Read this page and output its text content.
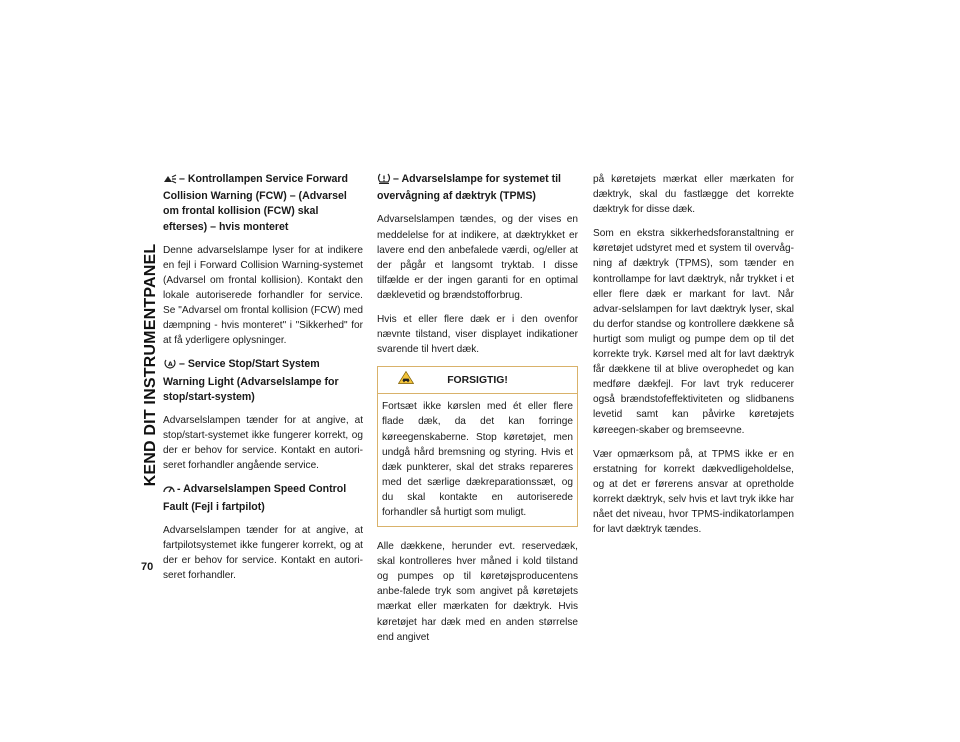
KEND DIT INSTRUMENTPANEL
70
– Kontrollampen Service Forward Collision Warning (FCW) – (Advarsel om frontal kollision (FCW) skal efterses) – hvis monteret

Denne advarselslampe lyser for at indikere en fejl i Forward Collision Warning-systemet (Advarsel om frontal kollision). Kontakt den lokale autoriserede forhandler for service. Se "Advarsel om frontal kollision (FCW) med dæmpning - hvis monteret" i "Sikkerhed" for at få yderligere oplysninger.

A – Service Stop/Start System Warning Light (Advarselslampe for stop/start-system)

Advarselslampen tænder for at angive, at stop/start-systemet ikke fungerer korrekt, og der er behov for service. Kontakt en autori-seret forhandler angående service.

- Advarselslampen Speed Control Fault (Fejl i fartpilot)

Advarselslampen tænder for at angive, at fartpilotsystemet ikke fungerer korrekt, og at der er behov for service. Kontakt en autori-seret forhandler.

– Advarselslampe for systemet til overvågning af dæktryk (TPMS)

Advarselslampen tændes, og der vises en meddelelse for at indikere, at dæktrykket er lavere end den anbefalede værdi, og/eller at der pågår et langsomt tryktab. I disse tilfælde er der ingen garanti for en optimal dæklevetid og brændstofforbrug.

Hvis et eller flere dæk er i den ovenfor nævnte tilstand, viser displayet indikationer svarende til hvert dæk.

FORSIGTIG!
Fortsæt ikke kørslen med ét eller flere flade dæk, da det kan forringe køreegenskaberne. Stop køretøjet, men undgå hård bremsning og styring. Hvis et dæk punkterer, skal det straks repareres med det særlige dækreparationssæt, og du skal kontakte en autoriserede forhandler så hurtigt som muligt.

Alle dækkene, herunder evt. reservedæk, skal kontrolleres hver måned i kold tilstand og pumpes op til køretøjsproducentens anbe-falede tryk som angivet på køretøjets mærkat eller mærkaten for dæktryk. Hvis køretøjet har dæk med en anden størrelse end angivet

på køretøjets mærkat eller mærkaten for dæktryk, skal du fastlægge det korrekte dæktryk for disse dæk.

Som en ekstra sikkerhedsforanstaltning er køretøjet udstyret med et system til overvåg-ning af dæktryk (TPMS), som tænder en kontrollampe for lavt dæktryk, når trykket i et eller flere dæk er markant for lavt. Når advar-selslampen for lavt dæktryk lyser, skal du derfor standse og kontrollere dækkene så hurtigt som muligt og pumpe dem op til det korrekte tryk. Kørsel med alt for lavt dæktryk får dækkene til at blive overophedet og kan medføre dækfejl. For lavt tryk reducerer også brændstofeffektiviteten og slidbanens levetid samt kan påvirke køretøjets køreegen-skaber og bremseevne.

Vær opmærksom på, at TPMS ikke er en erstatning for korrekt dækvedligeholdelse, og at det er førerens ansvar at opretholde korrekt dæktryk, selv hvis et lavt tryk ikke har nået det niveau, hvor TPMS-indikatorlampen for lavt dæktryk tændes.
